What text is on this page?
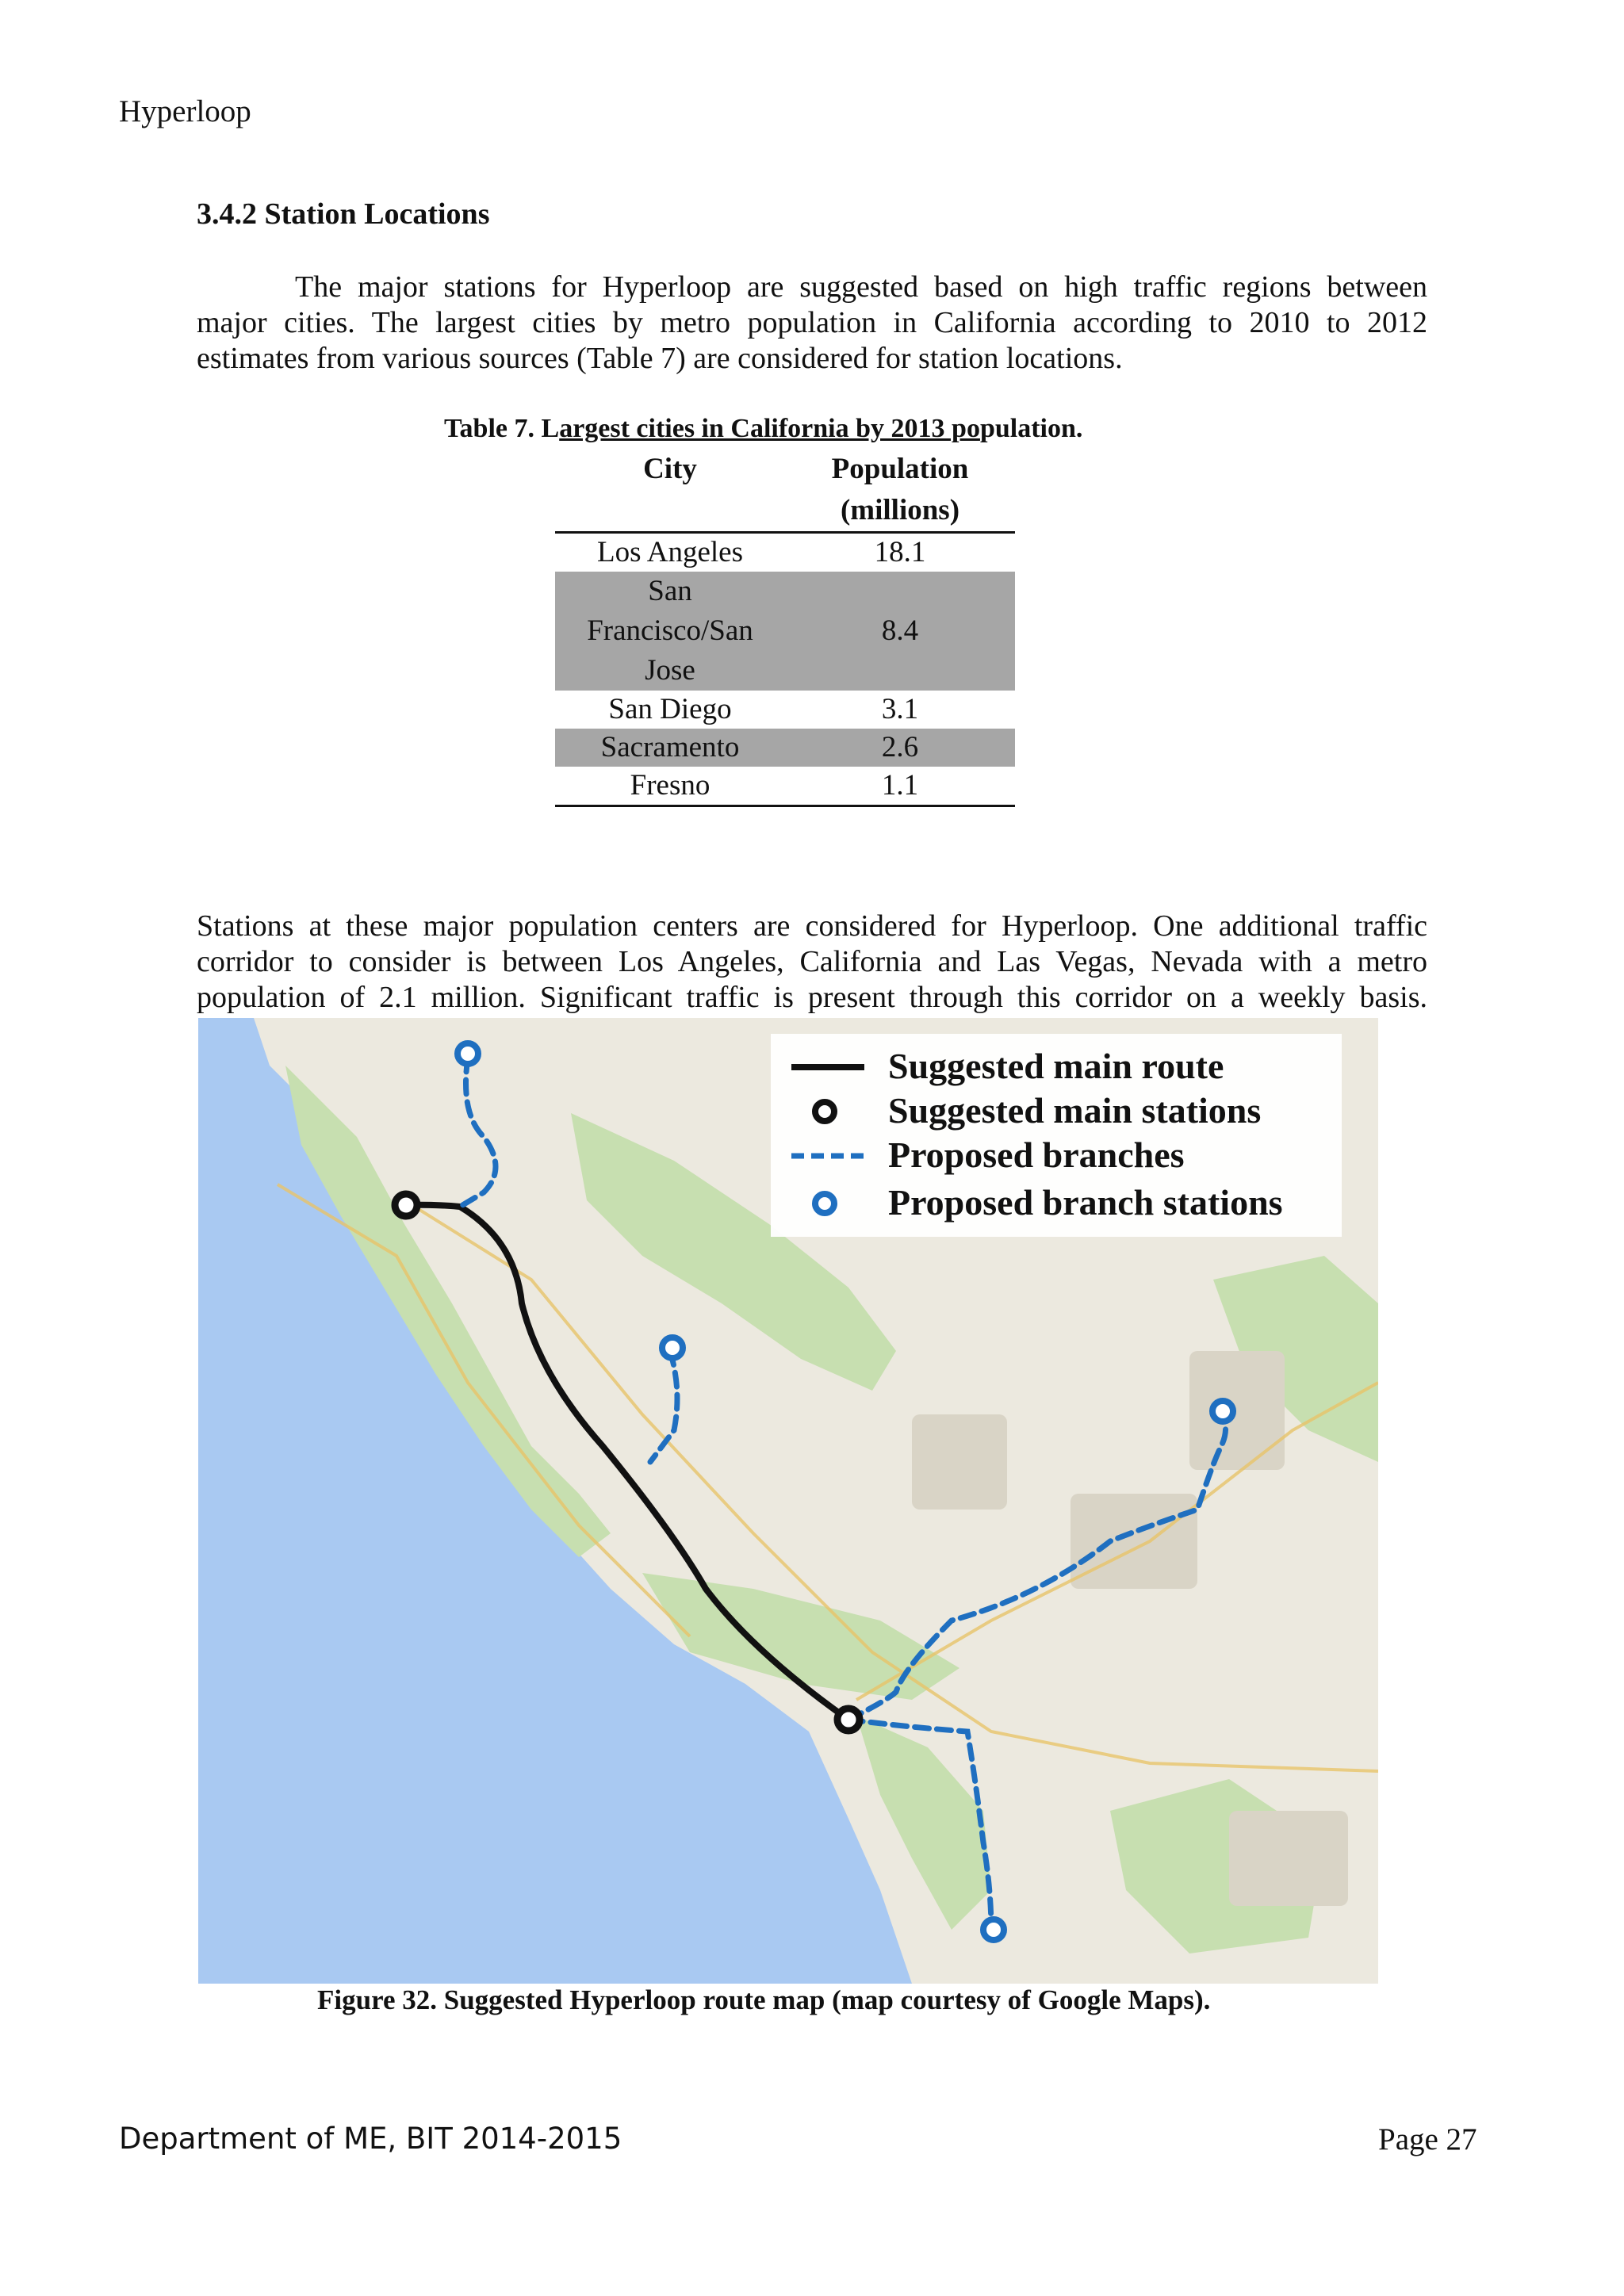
Hyperloop
3.4.2 Station Locations
The major stations for Hyperloop are suggested based on high traffic regions between
major cities. The largest cities by metro population in California according to 2010 to 2012
estimates from various sources (Table 7) are considered for station locations.
Table 7. Largest cities in California by 2013 population.
City	Population
(millions)

Los Angeles	18.1

San
Francisco/San
Jose	8.4
San Diego	3.1
Sacramento	2.6
Fresno	1.1
Stations at these major population centers are considered for Hyperloop. One additional traffic
corridor to consider is between Los Angeles, California and Las Vegas, Nevada with a metro
population of 2.1 million. Significant traffic is present through this corridor on a weekly basis.
Suggested main route
Suggested main stations
Proposed branches
Proposed branch stations
Figure 32. Suggested Hyperloop route map (map courtesy of Google Maps).
Department of ME, BIT 2014-2015	Page 27
